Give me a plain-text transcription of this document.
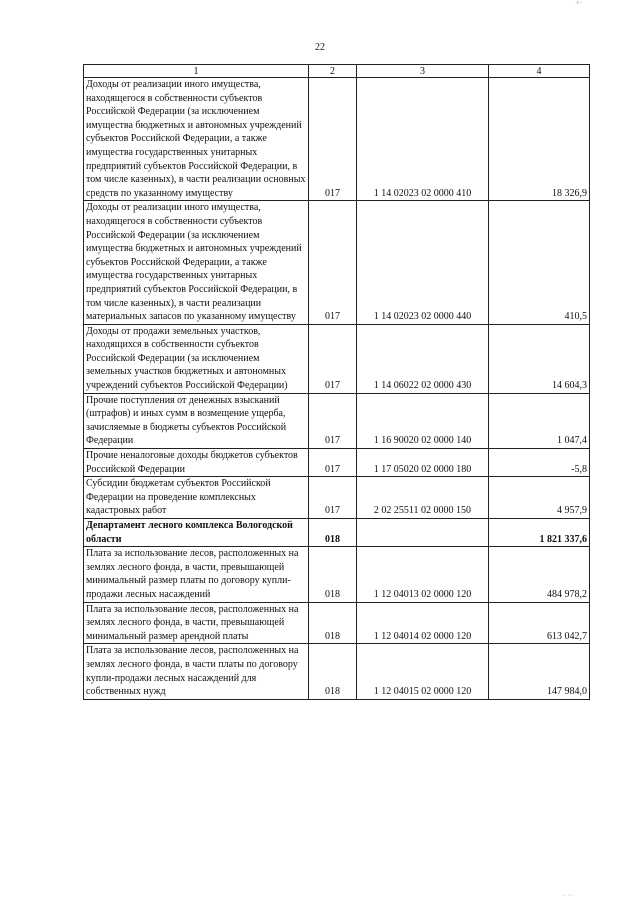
·ı··
22
1	2	3	4
Доходы от реализации иного имущества, находящегося в собственности субъектов Российской Федерации (за исключением имущества бюджетных и автономных учреждений субъектов Российской Федерации, а также имущества государственных унитарных предприятий субъектов Российской Федерации, в том числе казенных), в части реализации основных средств по указанному имуществу	017	1 14 02023 02 0000 410	18 326,9
Доходы от реализации иного имущества, находящегося в собственности субъектов Российской Федерации (за исключением имущества бюджетных и автономных учреждений субъектов Российской Федерации, а также имущества государственных унитарных предприятий субъектов Российской Федерации, в том числе казенных), в части реализации материальных запасов по указанному имуществу	017	1 14 02023 02 0000 440	410,5
Доходы от продажи земельных участков, находящихся в собственности субъектов Российской Федерации (за исключением земельных участков бюджетных и автономных учреждений субъектов Российской Федерации)	017	1 14 06022 02 0000 430	14 604,3
Прочие поступления от денежных взысканий (штрафов) и иных сумм в возмещение ущерба, зачисляемые в бюджеты субъектов Российской Федерации	017	1 16 90020 02 0000 140	1 047,4
Прочие неналоговые доходы бюджетов субъектов Российской Федерации	017	1 17 05020 02 0000 180	-5,8
Субсидии бюджетам субъектов Российской Федерации на проведение комплексных кадастровых работ	017	2 02 25511 02 0000 150	4 957,9
Департамент лесного комплекса Вологодской области	018		1 821 337,6
Плата за использование лесов, расположенных на землях лесного фонда, в части, превышающей минимальный размер платы по договору купли-продажи лесных насаждений	018	1 12 04013 02 0000 120	484 978,2
Плата за использование лесов, расположенных на землях лесного фонда, в части, превышающей минимальный размер арендной платы	018	1 12 04014 02 0000 120	613 042,7
Плата за использование лесов, расположенных на землях лесного фонда, в части платы по договору купли-продажи лесных насаждений для собственных нужд	018	1 12 04015 02 0000 120	147 984,0
·· ·· ·
